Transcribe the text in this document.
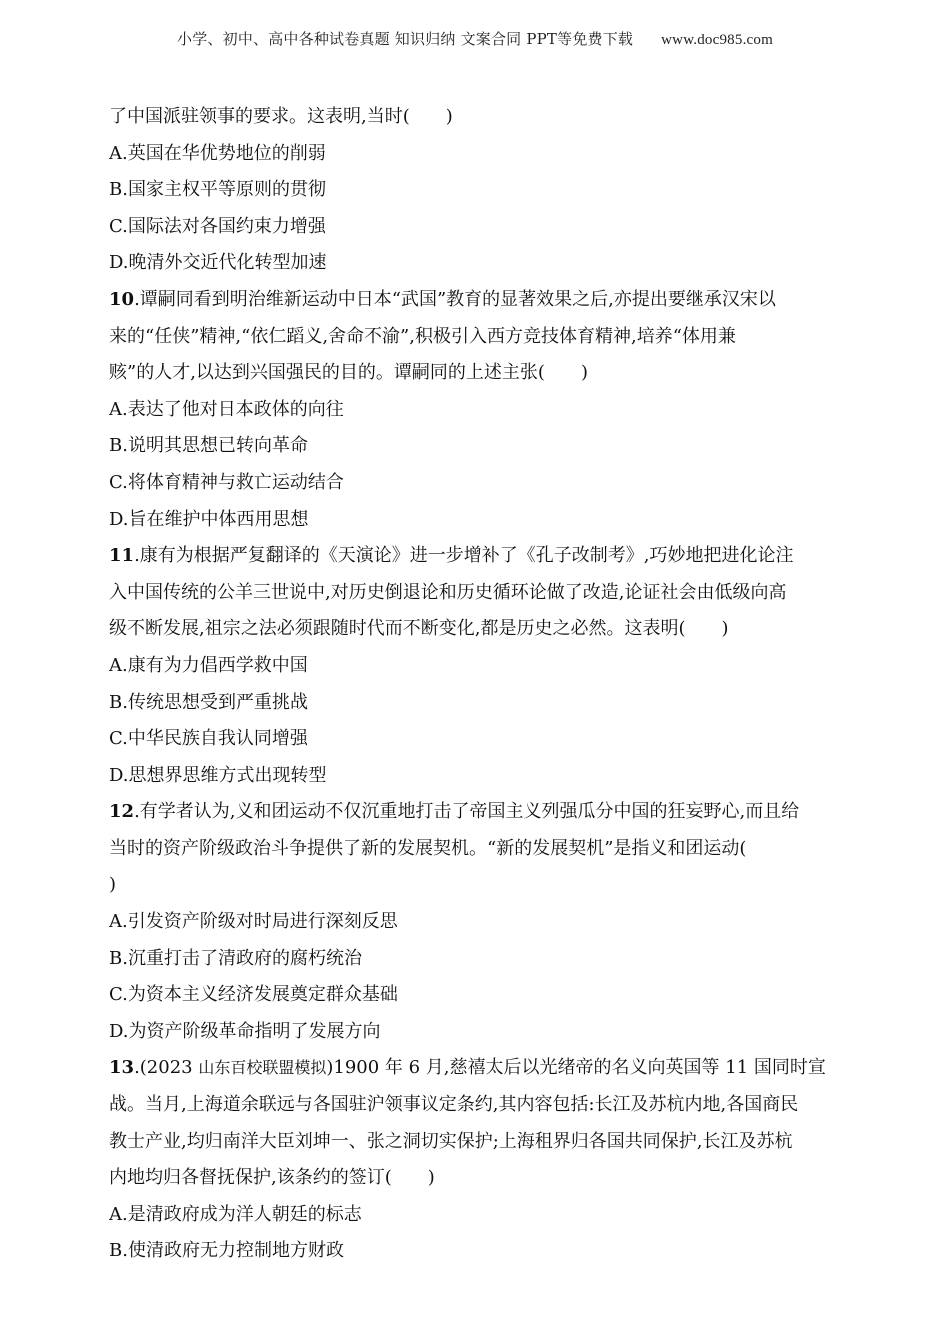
小学、初中、高中各种试卷真题 知识归纳 文案合同 PPT等免费下载 www.doc985.com
了中国派驻领事的要求。这表明,当时(　　)
A.英国在华优势地位的削弱
B.国家主权平等原则的贯彻
C.国际法对各国约束力增强
D.晚清外交近代化转型加速
10.谭嗣同看到明治维新运动中日本“武国”教育的显著效果之后,亦提出要继承汉宋以
来的“任侠”精神,“依仁蹈义,舍命不渝”,积极引入西方竞技体育精神,培养“体用兼
赅”的人才,以达到兴国强民的目的。谭嗣同的上述主张(　　)
A.表达了他对日本政体的向往
B.说明其思想已转向革命
C.将体育精神与救亡运动结合
D.旨在维护中体西用思想
11.康有为根据严复翻译的《天演论》进一步增补了《孔子改制考》,巧妙地把进化论注
入中国传统的公羊三世说中,对历史倒退论和历史循环论做了改造,论证社会由低级向高
级不断发展,祖宗之法必须跟随时代而不断变化,都是历史之必然。这表明(　　)
A.康有为力倡西学救中国
B.传统思想受到严重挑战
C.中华民族自我认同增强
D.思想界思维方式出现转型
12.有学者认为,义和团运动不仅沉重地打击了帝国主义列强瓜分中国的狂妄野心,而且给
当时的资产阶级政治斗争提供了新的发展契机。“新的发展契机”是指义和团运动(
)
A.引发资产阶级对时局进行深刻反思
B.沉重打击了清政府的腐朽统治
C.为资本主义经济发展奠定群众基础
D.为资产阶级革命指明了发展方向
13.(2023 山东百校联盟模拟)1900 年 6 月,慈禧太后以光绪帝的名义向英国等 11 国同时宣
战。当月,上海道余联远与各国驻沪领事议定条约,其内容包括:长江及苏杭内地,各国商民
教士产业,均归南洋大臣刘坤一、张之洞切实保护;上海租界归各国共同保护,长江及苏杭
内地均归各督抚保护,该条约的签订(　　)
A.是清政府成为洋人朝廷的标志
B.使清政府无力控制地方财政
